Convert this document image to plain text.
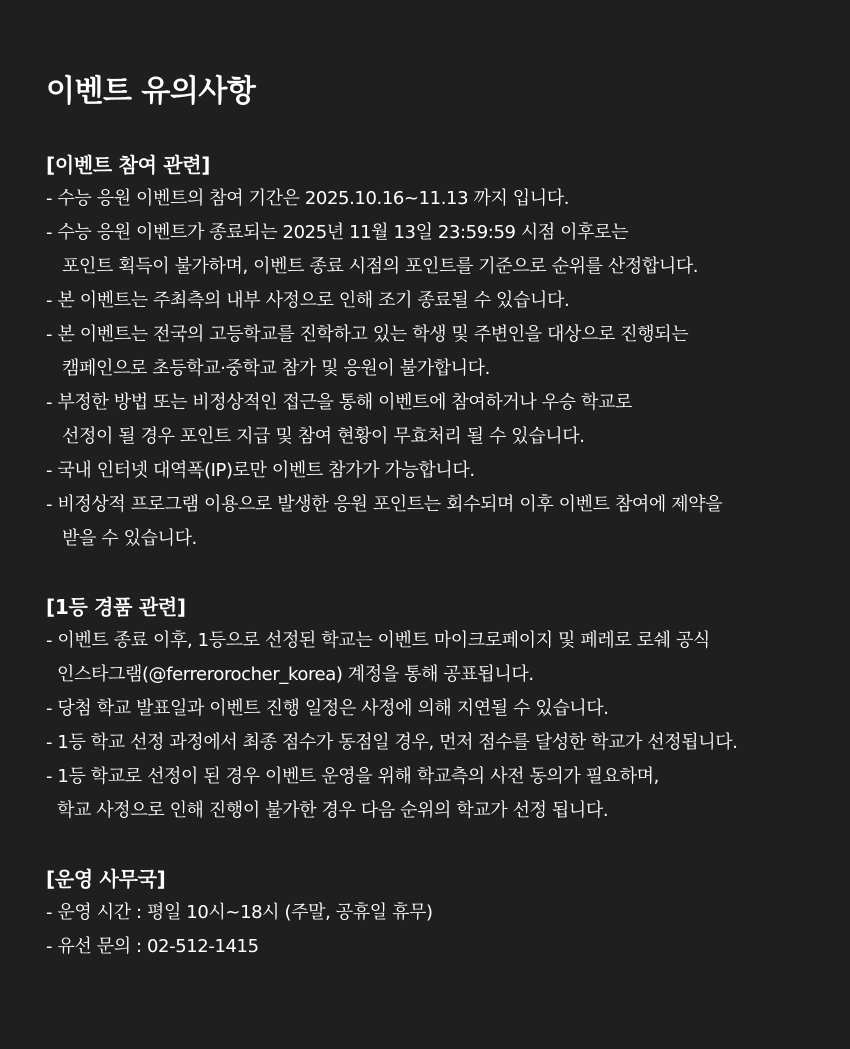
이벤트 유의사항
[이벤트 참여 관련]
- 수능 응원 이벤트의 참여 기간은 2025.10.16~11.13 까지 입니다.
- 수능 응원 이벤트가 종료되는 2025년 11월 13일 23:59:59 시점 이후로는
포인트 획득이 불가하며, 이벤트 종료 시점의 포인트를 기준으로 순위를 산정합니다.
- 본 이벤트는 주최측의 내부 사정으로 인해 조기 종료될 수 있습니다.
- 본 이벤트는 전국의 고등학교를 진학하고 있는 학생 및 주변인을 대상으로 진행되는
캠페인으로 초등학교·중학교 참가 및 응원이 불가합니다.
- 부정한 방법 또는 비정상적인 접근을 통해 이벤트에 참여하거나 우승 학교로
선정이 될 경우 포인트 지급 및 참여 현황이 무효처리 될 수 있습니다.
- 국내 인터넷 대역폭(IP)로만 이벤트 참가가 가능합니다.
- 비정상적 프로그램 이용으로 발생한 응원 포인트는 회수되며 이후 이벤트 참여에 제약을
받을 수 있습니다.
[1등 경품 관련]
- 이벤트 종료 이후, 1등으로 선정된 학교는 이벤트 마이크로페이지 및 페레로 로쉐 공식
인스타그램(@ferrerorocher_korea) 계정을 통해 공표됩니다.
- 당첨 학교 발표일과 이벤트 진행 일정은 사정에 의해 지연될 수 있습니다.
- 1등 학교 선정 과정에서 최종 점수가 동점일 경우, 먼저 점수를 달성한 학교가 선정됩니다.
- 1등 학교로 선정이 된 경우 이벤트 운영을 위해 학교측의 사전 동의가 필요하며,
학교 사정으로 인해 진행이 불가한 경우 다음 순위의 학교가 선정 됩니다.
[운영 사무국]
- 운영 시간 : 평일 10시~18시 (주말, 공휴일 휴무)
- 유선 문의 : 02-512-1415
